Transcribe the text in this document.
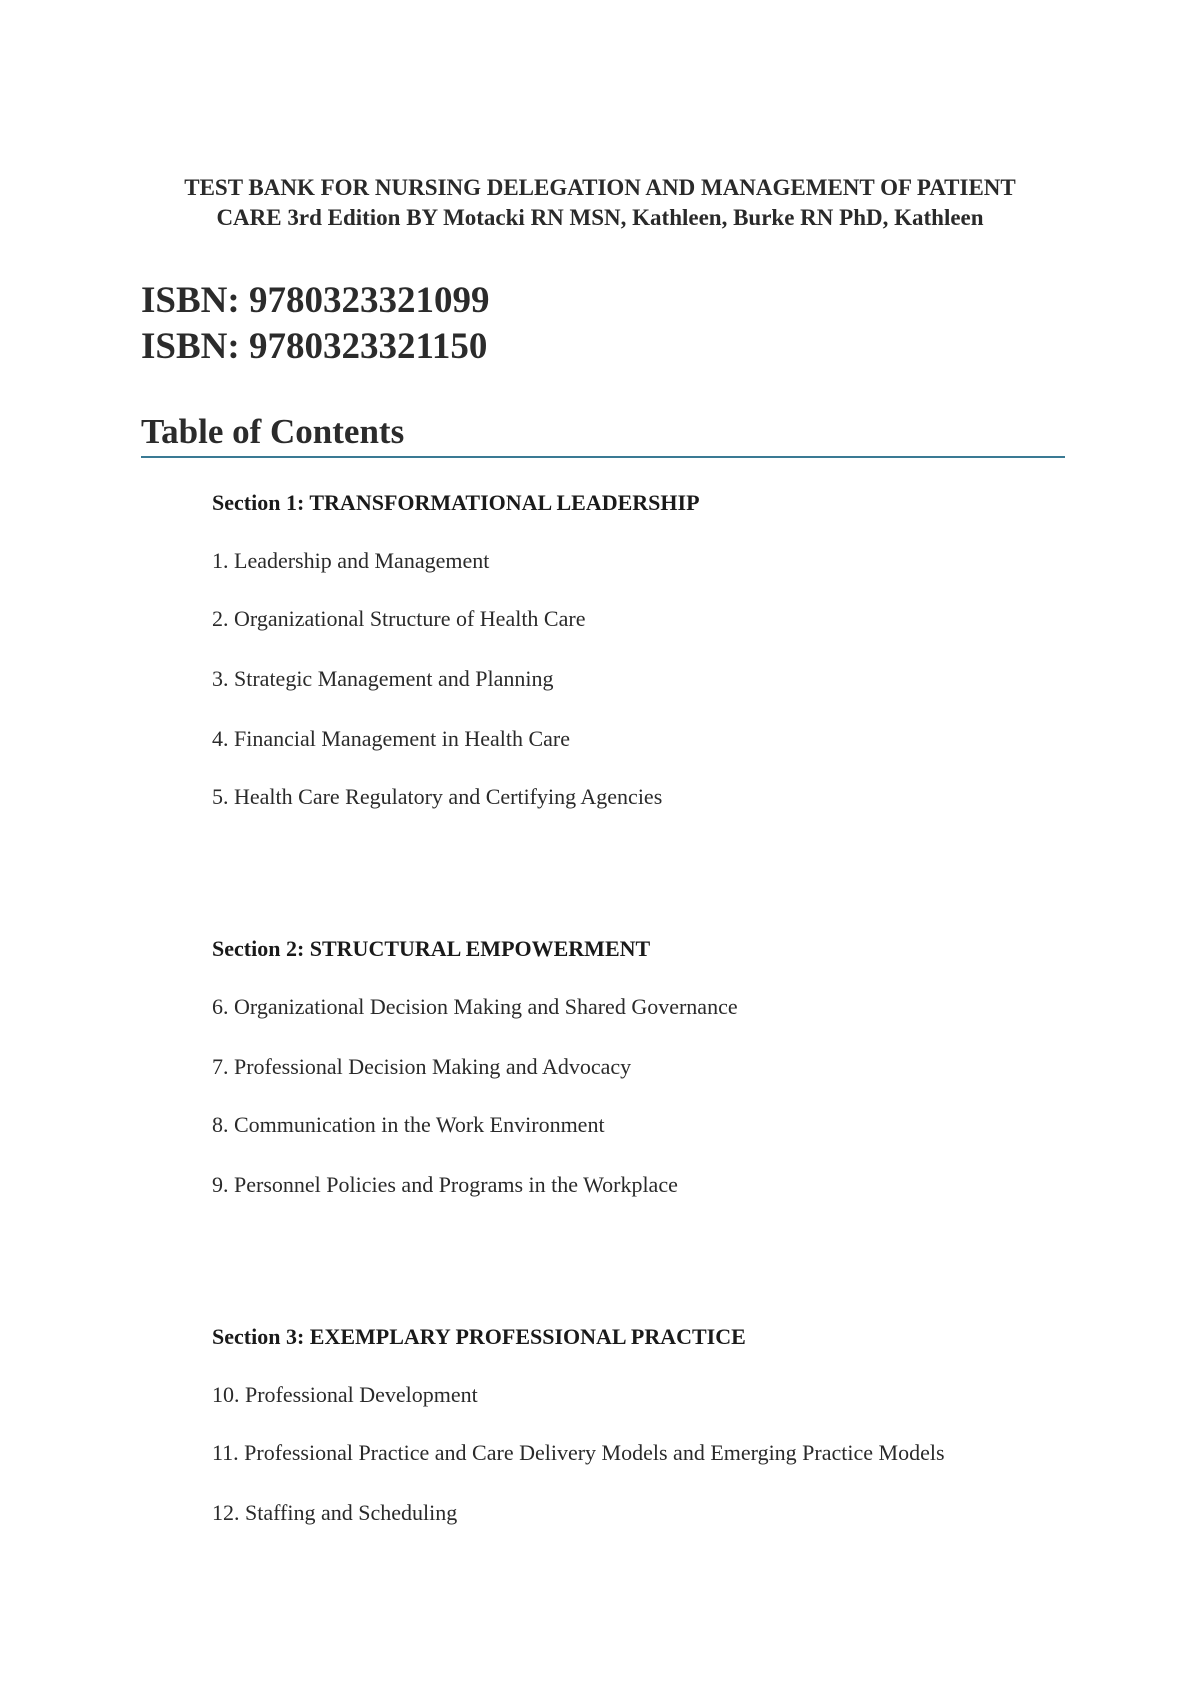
TEST BANK FOR NURSING DELEGATION AND MANAGEMENT OF PATIENT
CARE 3rd Edition BY Motacki RN MSN, Kathleen, Burke RN PhD, Kathleen
ISBN: 9780323321099
ISBN: 9780323321150
Table of Contents
Section 1: TRANSFORMATIONAL LEADERSHIP
1. Leadership and Management
2. Organizational Structure of Health Care
3. Strategic Management and Planning
4. Financial Management in Health Care
5. Health Care Regulatory and Certifying Agencies
Section 2: STRUCTURAL EMPOWERMENT
6. Organizational Decision Making and Shared Governance
7. Professional Decision Making and Advocacy
8. Communication in the Work Environment
9. Personnel Policies and Programs in the Workplace
Section 3: EXEMPLARY PROFESSIONAL PRACTICE
10. Professional Development
11. Professional Practice and Care Delivery Models and Emerging Practice Models
12. Staffing and Scheduling
